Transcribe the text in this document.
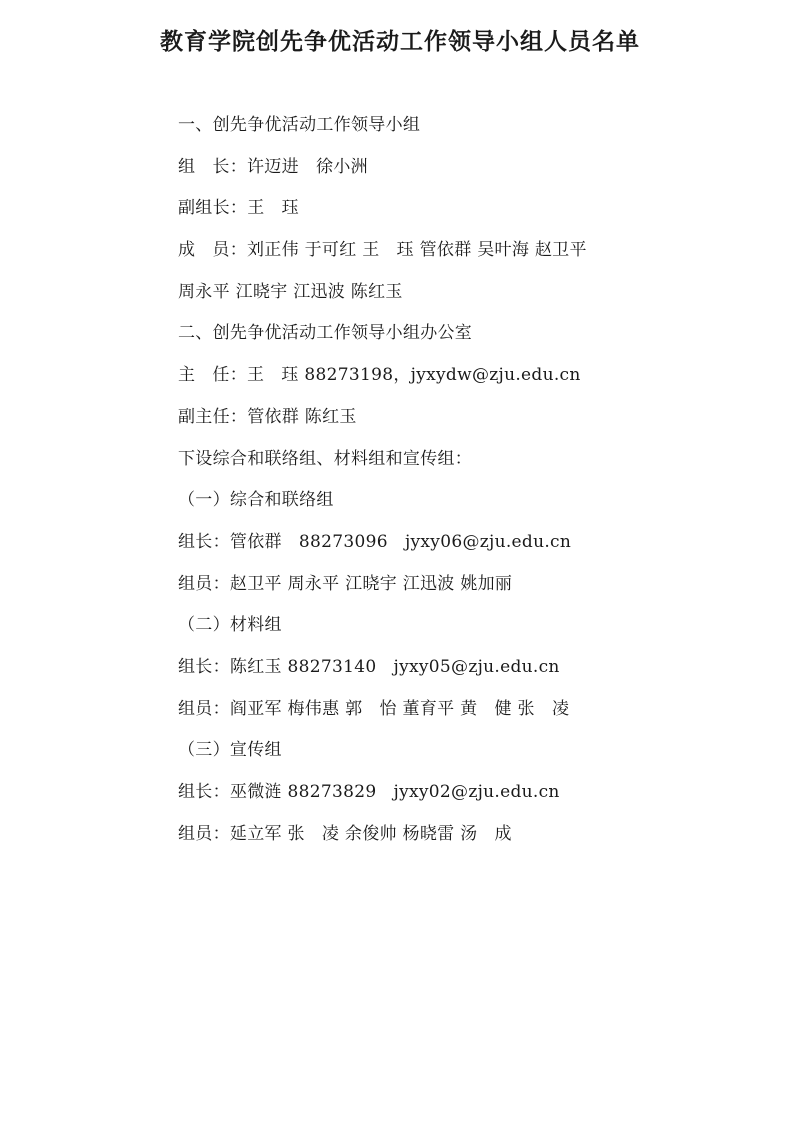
教育学院创先争优活动工作领导小组人员名单
一、创先争优活动工作领导小组
组   长：许迈进   徐小洲
副组长：王   珏
成   员：刘正伟 于可红 王   珏 管依群 吴叶海 赵卫平
周永平 江晓宇 江迅波 陈红玉
二、创先争优活动工作领导小组办公室
主   任：王   珏 88273198，jyxydw@zju.edu.cn
副主任：管依群 陈红玉
下设综合和联络组、材料组和宣传组：
（一）综合和联络组
组长：管依群   88273096   jyxy06@zju.edu.cn
组员：赵卫平 周永平 江晓宇 江迅波 姚加丽
（二）材料组
组长：陈红玉 88273140   jyxy05@zju.edu.cn
组员：阎亚军 梅伟惠 郭   怡 董育平 黄   健 张   凌
（三）宣传组
组长：巫微涟 88273829   jyxy02@zju.edu.cn
组员：延立军 张   凌 余俊帅 杨晓雷 汤   成
